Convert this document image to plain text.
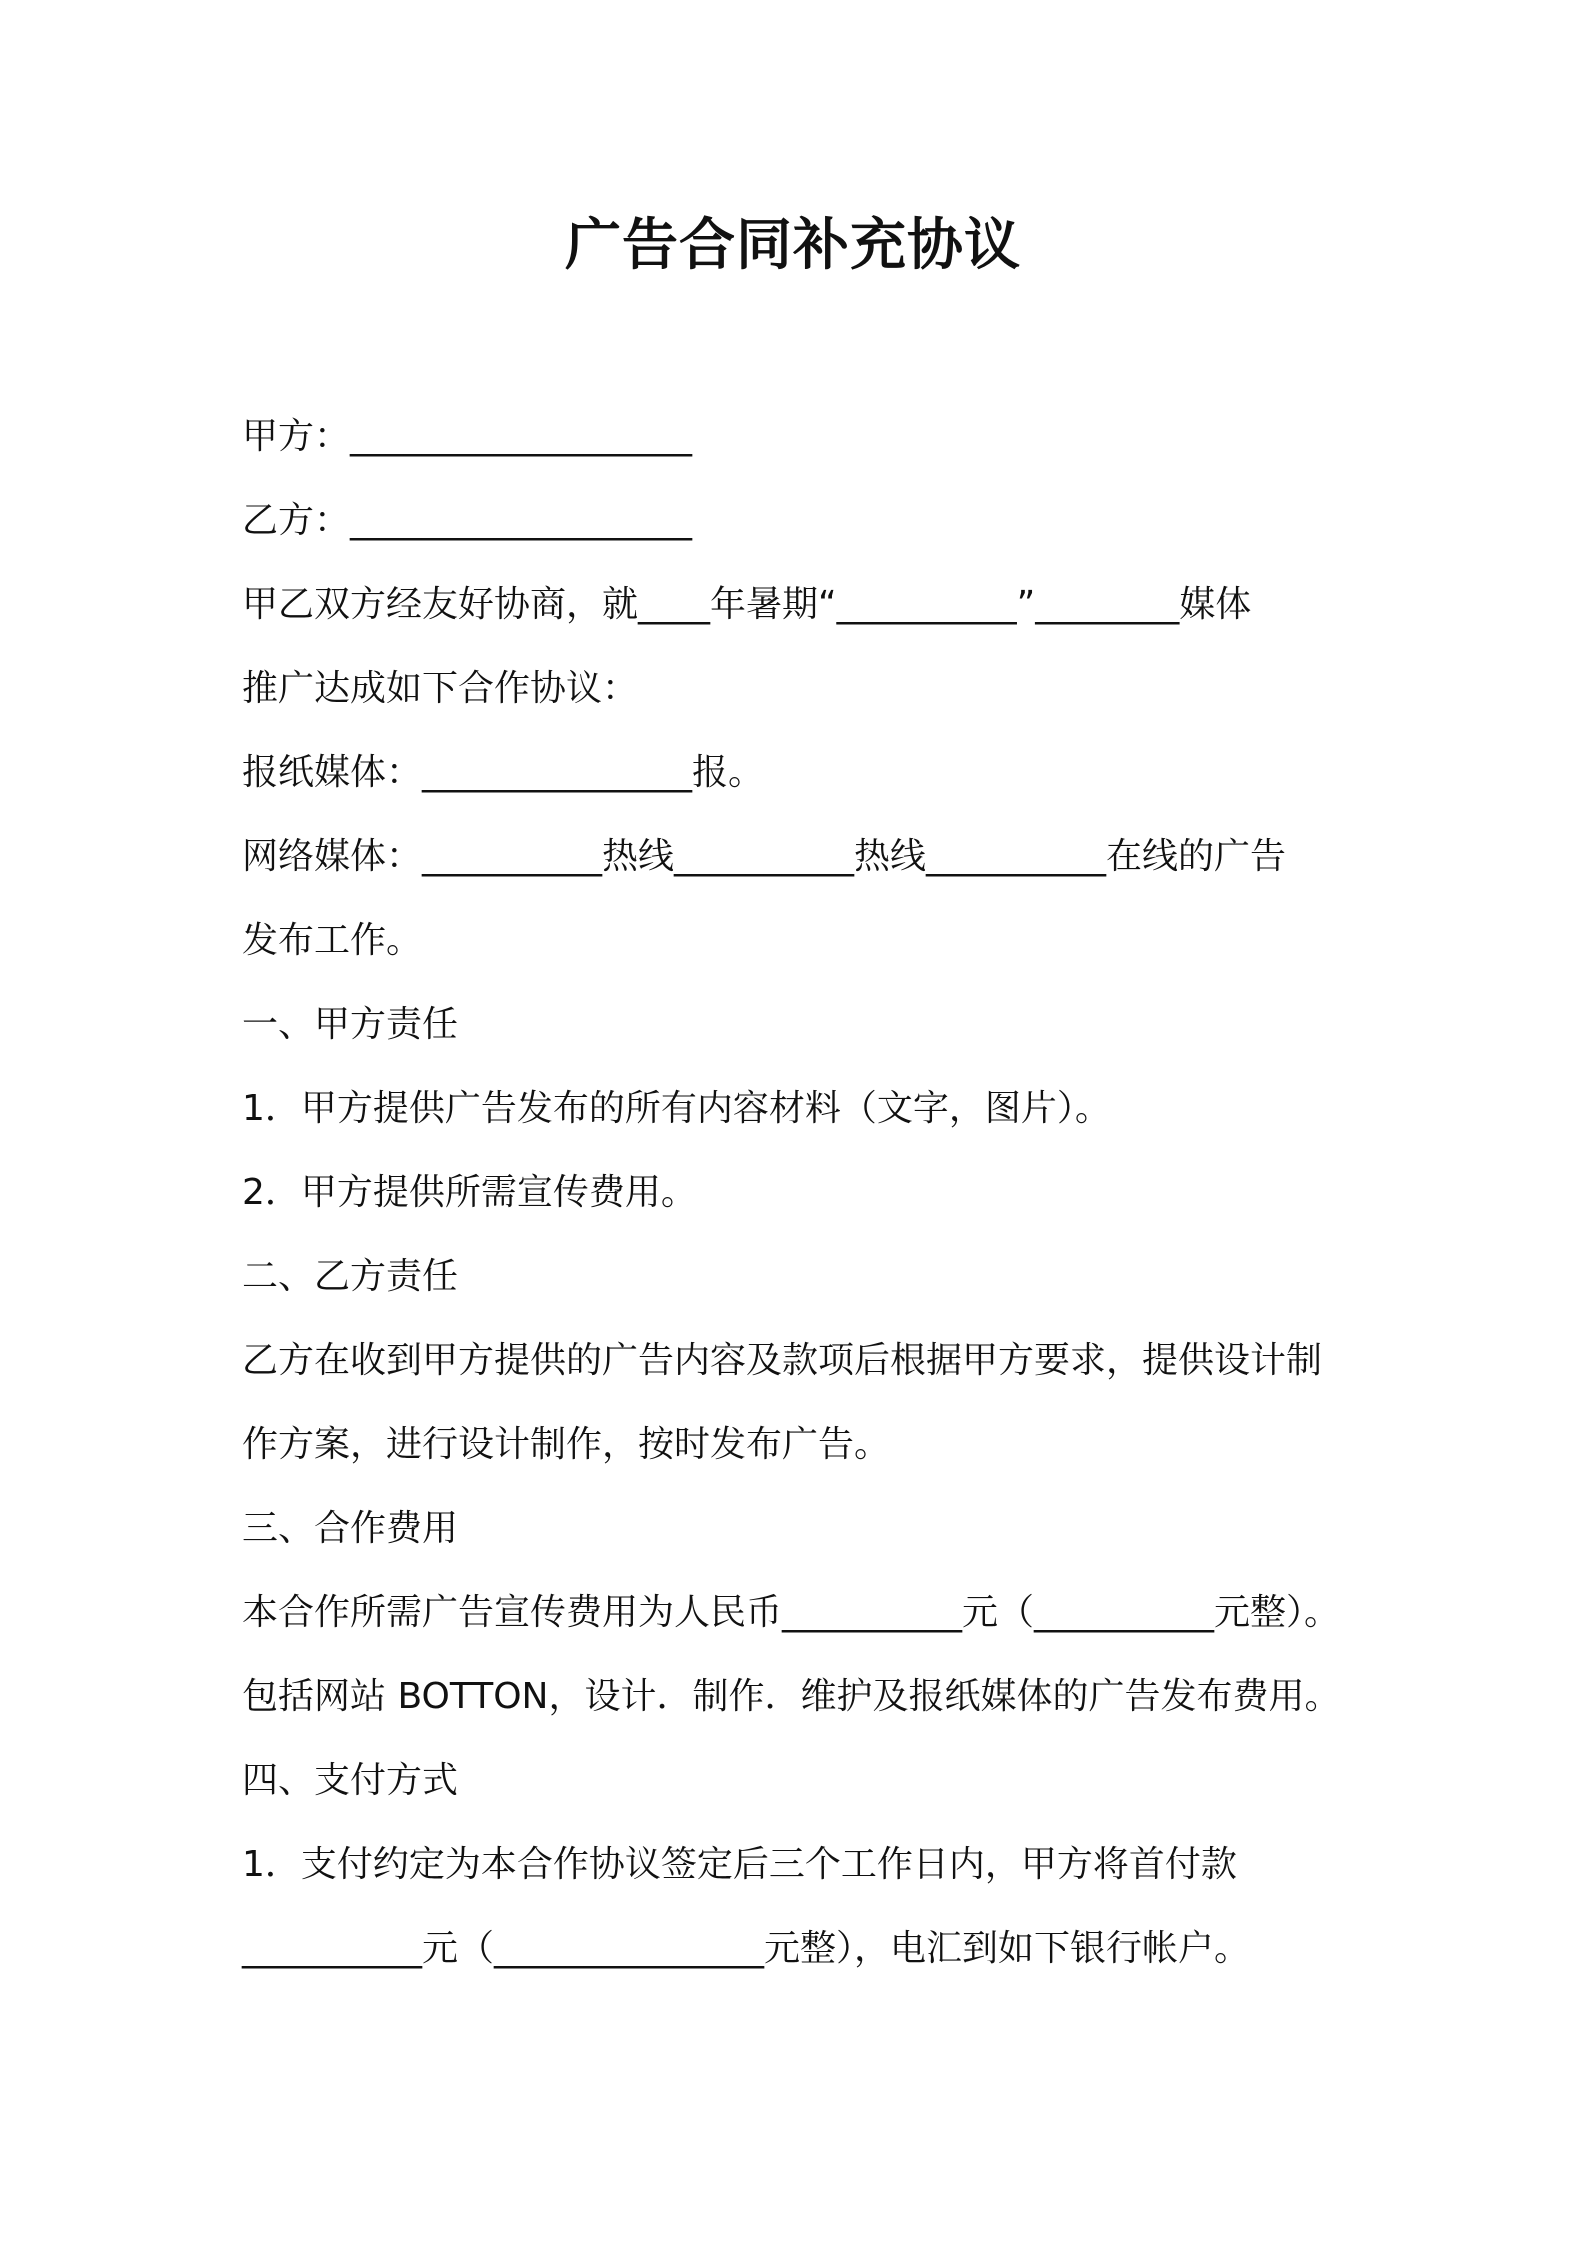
广告合同补充协议
甲方：___________________
乙方：___________________
甲乙双方经友好协商，就____年暑期“__________”________媒体
推广达成如下合作协议：
报纸媒体：_______________报。
网络媒体：__________热线__________热线__________在线的广告
发布工作。
一、甲方责任
1．甲方提供广告发布的所有内容材料（文字，图片）。
2．甲方提供所需宣传费用。
二、乙方责任
乙方在收到甲方提供的广告内容及款项后根据甲方要求，提供设计制
作方案，进行设计制作，按时发布广告。
三、合作费用
本合作所需广告宣传费用为人民币__________元（__________元整）。
包括网站 BOTTON，设计．制作．维护及报纸媒体的广告发布费用。
四、支付方式
1．支付约定为本合作协议签定后三个工作日内，甲方将首付款
__________元（_______________元整），电汇到如下银行帐户。
